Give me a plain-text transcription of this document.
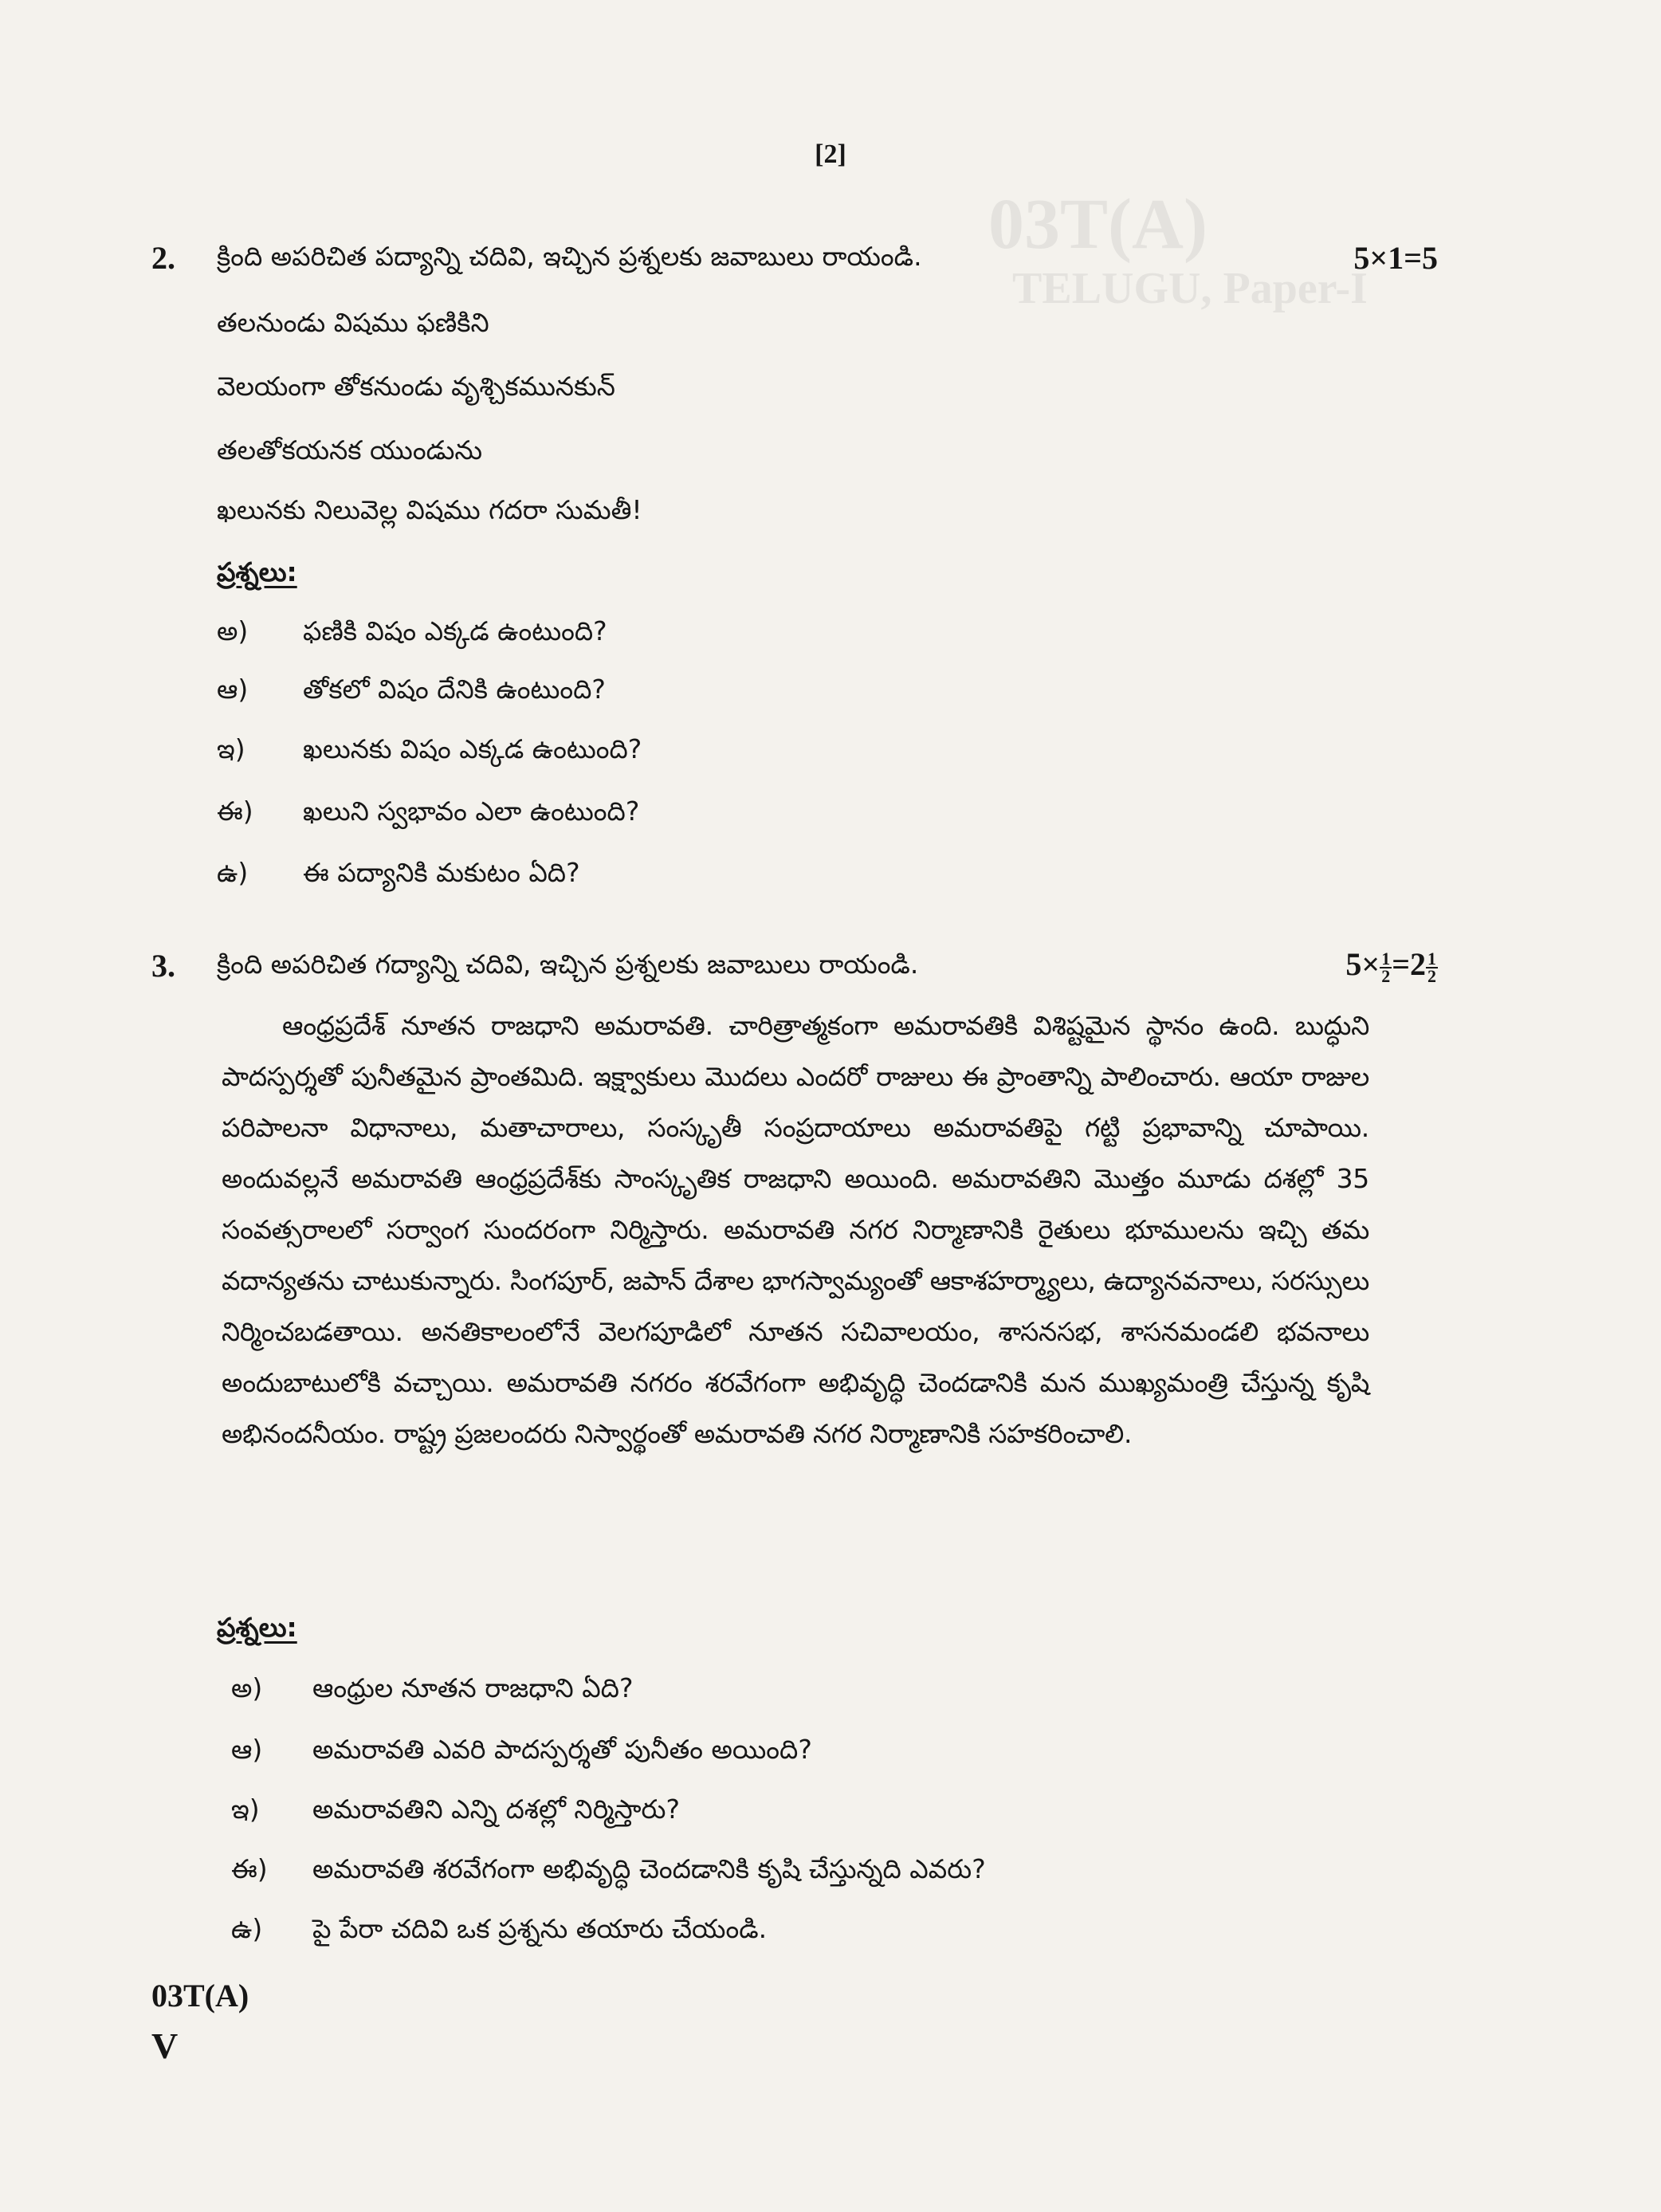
03T(A)
TELUGU, Paper-I
[2]
2. క్రింది అపరిచిత పద్యాన్ని చదివి, ఇచ్చిన ప్రశ్నలకు జవాబులు రాయండి.	5×1=5
తలనుండు విషము ఫణికిని
వెలయంగా తోకనుండు వృశ్చికమునకున్
తలతోకయనక యుండును
ఖలునకు నిలువెల్ల విషము గదరా సుమతీ!
ప్రశ్నలు:
అ) ఫణికి విషం ఎక్కడ ఉంటుంది?
ఆ) తోకలో విషం దేనికి ఉంటుంది?
ఇ) ఖలునకు విషం ఎక్కడ ఉంటుంది?
ఈ) ఖలుని స్వభావం ఎలా ఉంటుంది?
ఉ) ఈ పద్యానికి మకుటం ఏది?
3. క్రింది అపరిచిత గద్యాన్ని చదివి, ఇచ్చిన ప్రశ్నలకు జవాబులు రాయండి.	$5\times \frac{1}{2} =2 \frac{1}{2}$
ఆంధ్రప్రదేశ్ నూతన రాజధాని అమరావతి. చారిత్రాత్మకంగా అమరావతికి విశిష్టమైన స్థానం ఉంది. బుద్ధుని పాదస్పర్శతో పునీతమైన ప్రాంతమిది. ఇక్ష్వాకులు మొదలు ఎందరో రాజులు ఈ ప్రాంతాన్ని పాలించారు. ఆయా రాజుల పరిపాలనా విధానాలు, మతాచారాలు, సంస్కృతీ సంప్రదాయాలు అమరావతిపై గట్టి ప్రభావాన్ని చూపాయి. అందువల్లనే అమరావతి ఆంధ్రప్రదేశ్‌కు సాంస్కృతిక రాజధాని అయింది. అమరావతిని మొత్తం మూడు దశల్లో 35 సంవత్సరాలలో సర్వాంగ సుందరంగా నిర్మిస్తారు. అమరావతి నగర నిర్మాణానికి రైతులు భూములను ఇచ్చి తమ వదాన్యతను చాటుకున్నారు. సింగపూర్, జపాన్ దేశాల భాగస్వామ్యంతో ఆకాశహర్మ్యాలు, ఉద్యానవనాలు, సరస్సులు నిర్మించబడతాయి. అనతికాలంలోనే వెలగపూడిలో నూతన సచివాలయం, శాసనసభ, శాసనమండలి భవనాలు అందుబాటులోకి వచ్చాయి. అమరావతి నగరం శరవేగంగా అభివృద్ధి చెందడానికి మన ముఖ్యమంత్రి చేస్తున్న కృషి అభినందనీయం. రాష్ట్ర ప్రజలందరు నిస్వార్థంతో అమరావతి నగర నిర్మాణానికి సహకరించాలి.
ప్రశ్నలు:
అ) ఆంధ్రుల నూతన రాజధాని ఏది?
ఆ) అమరావతి ఎవరి పాదస్పర్శతో పునీతం అయింది?
ఇ) అమరావతిని ఎన్ని దశల్లో నిర్మిస్తారు?
ఈ) అమరావతి శరవేగంగా అభివృద్ధి చెందడానికి కృషి చేస్తున్నది ఎవరు?
ఉ) పై పేరా చదివి ఒక ప్రశ్నను తయారు చేయండి.
03T(A)
V
